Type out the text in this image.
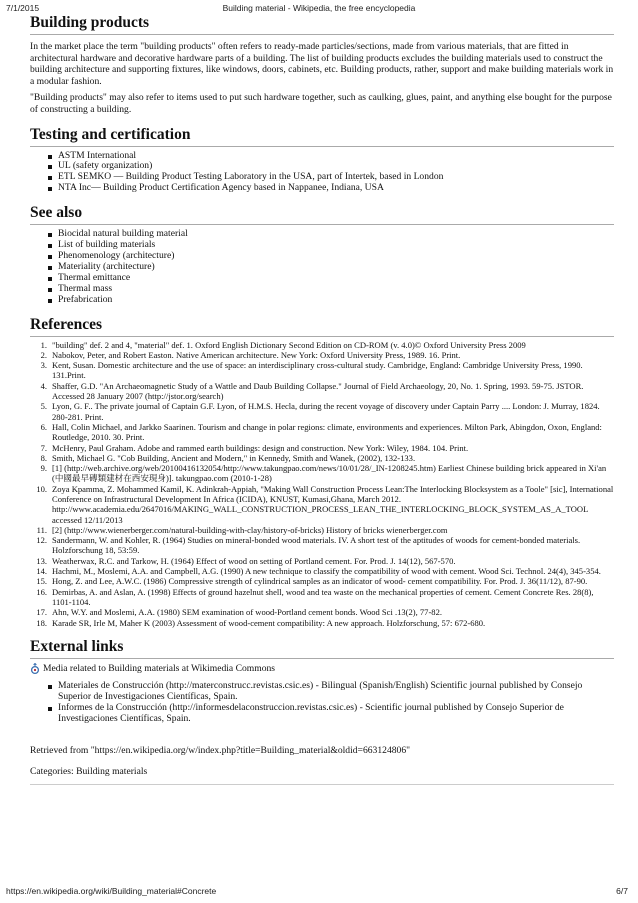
7/1/2015	Building material - Wikipedia, the free encyclopedia
Building products

In the market place the term "building products" often refers to ready-made particles/sections, made from various materials, that are fitted in architectural hardware and decorative hardware parts of a building. The list of building products excludes the building materials used to construct the building architecture and supporting fixtures, like windows, doors, cabinets, etc. Building products, rather, support and make building materials work in a modular fashion.

"Building products" may also refer to items used to put such hardware together, such as caulking, glues, paint, and anything else bought for the purpose of constructing a building.

Testing and certification
ASTM International
UL (safety organization)
ETL SEMKO — Building Product Testing Laboratory in the USA, part of Intertek, based in London
NTA Inc— Building Product Certification Agency based in Nappanee, Indiana, USA
See also
Biocidal natural building material
List of building materials
Phenomenology (architecture)
Materiality (architecture)
Thermal emittance
Thermal mass
Prefabrication
References
1. "building" def. 2 and 4, "material" def. 1. Oxford English Dictionary Second Edition on CD-ROM (v. 4.0)© Oxford University Press 2009
2. Nabokov, Peter, and Robert Easton. Native American architecture. New York: Oxford University Press, 1989. 16. Print.
3. Kent, Susan. Domestic architecture and the use of space: an interdisciplinary cross-cultural study. Cambridge, England: Cambridge University Press, 1990. 131.Print.
4. Shaffer, G.D. "An Archaeomagnetic Study of a Wattle and Daub Building Collapse." Journal of Field Archaeology, 20, No. 1. Spring, 1993. 59-75. JSTOR. Accessed 28 January 2007 (http://jstor.org/search)
5. Lyon, G. F.. The private journal of Captain G.F. Lyon, of H.M.S. Hecla, during the recent voyage of discovery under Captain Parry .... London: J. Murray, 1824. 280-281. Print.
6. Hall, Colin Michael, and Jarkko Saarinen. Tourism and change in polar regions: climate, environments and experiences. Milton Park, Abingdon, Oxon, England: Routledge, 2010. 30. Print.
7. McHenry, Paul Graham. Adobe and rammed earth buildings: design and construction. New York: Wiley, 1984. 104. Print.
8. Smith, Michael G. "Cob Building, Ancient and Modern," in Kennedy, Smith and Wanek, (2002), 132-133.
9. [1] (http://web.archive.org/web/20100416132054/http://www.takungpao.com/news/10/01/28/_IN-1208245.htm) Earliest Chinese building brick appeared in Xi'an (中國最早磚類建材在西安現身)]. takungpao.com (2010-1-28)
10. Zoya Kpamma, Z. Mohammed Kamil, K. Adinkrah-Appiah, "Making Wall Construction Process Lean:The Interlocking Blocksystem as a Toole" [sic], International Conference on Infrastructural Development In Africa (ICIDA), KNUST, Kumasi,Ghana, March 2012. http://www.academia.edu/2647016/MAKING_WALL_CONSTRUCTION_PROCESS_LEAN_THE_INTERLOCKING_BLOCK_SYSTEM_AS_A_TOOL accessed 12/11/2013
11. [2] (http://www.wienerberger.com/natural-building-with-clay/history-of-bricks) History of bricks wienerberger.com
12. Sandermann, W. and Kohler, R. (1964) Studies on mineral-bonded wood materials. IV. A short test of the aptitudes of woods for cement-bonded materials. Holzforschung 18, 53:59.
13. Weatherwax, R.C. and Tarkow, H. (1964) Effect of wood on setting of Portland cement. For. Prod. J. 14(12), 567-570.
14. Hachmi, M., Moslemi, A.A. and Campbell, A.G. (1990) A new technique to classify the compatibility of wood with cement. Wood Sci. Technol. 24(4), 345-354.
15. Hong, Z. and Lee, A.W.C. (1986) Compressive strength of cylindrical samples as an indicator of wood- cement compatibility. For. Prod. J. 36(11/12), 87-90.
16. Demirbas, A. and Aslan, A. (1998) Effects of ground hazelnut shell, wood and tea waste on the mechanical properties of cement. Cement Concrete Res. 28(8), 1101-1104.
17. Ahn, W.Y. and Moslemi, A.A. (1980) SEM examination of wood-Portland cement bonds. Wood Sci .13(2), 77-82.
18. Karade SR, Irle M, Maher K (2003) Assessment of wood-cement compatibility: A new approach. Holzforschung, 57: 672-680.
External links
Media related to Building materials at Wikimedia Commons
Materiales de Construcción (http://materconstrucc.revistas.csic.es) - Bilingual (Spanish/English) Scientific journal published by Consejo Superior de Investigaciones Científicas, Spain.
Informes de la Construcción (http://informesdelaconstruccion.revistas.csic.es) - Scientific journal published by Consejo Superior de Investigaciones Científicas, Spain.
Retrieved from "https://en.wikipedia.org/w/index.php?title=Building_material&oldid=663124806"
Categories: Building materials
https://en.wikipedia.org/wiki/Building_material#Concrete	6/7
